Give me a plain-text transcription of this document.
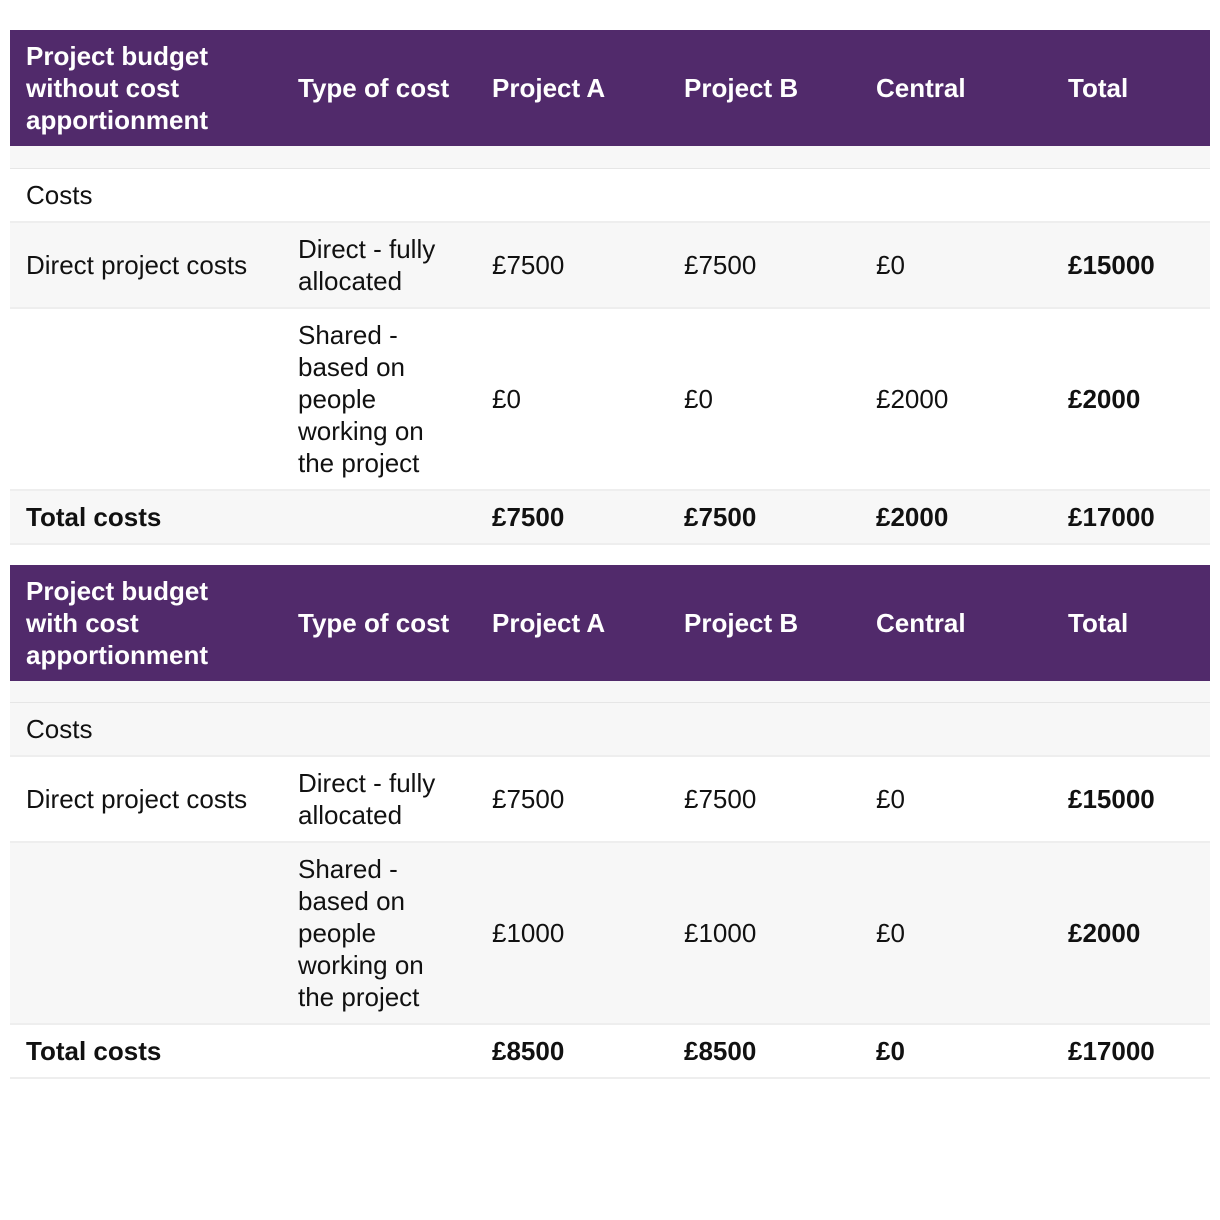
Project budget without cost apportionment	Type of cost	Project A	Project B	Central	Total

Costs					
Direct project costs	Direct - fully allocated	£7500	£7500	£0	£15000
	Shared - based on people working on the project	£0	£0	£2000	£2000
Total costs		£7500	£7500	£2000	£17000
Project budget with cost apportionment	Type of cost	Project A	Project B	Central	Total

Costs					
Direct project costs	Direct - fully allocated	£7500	£7500	£0	£15000
	Shared - based on people working on the project	£1000	£1000	£0	£2000
Total costs		£8500	£8500	£0	£17000
